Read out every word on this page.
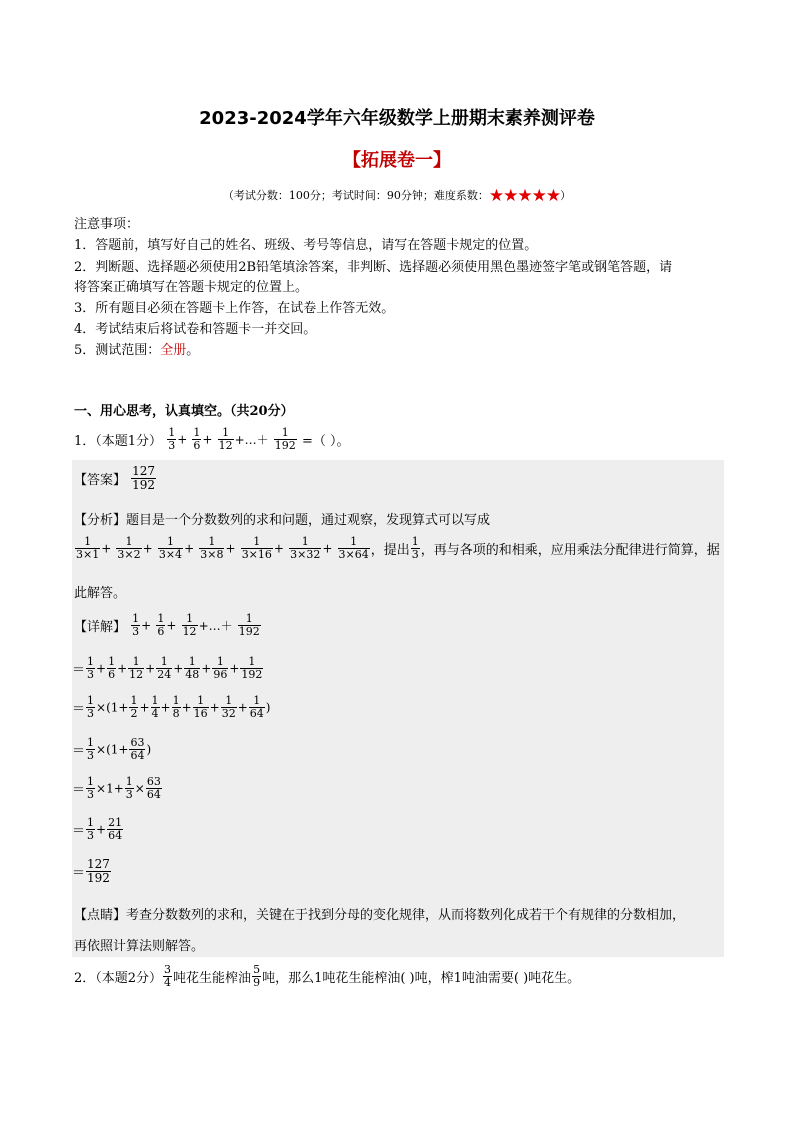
2023-2024学年六年级数学上册期末素养测评卷
【拓展卷一】
（考试分数：100分；考试时间：90分钟；难度系数：★★★★★）
注意事项：
1．答题前，填写好自己的姓名、班级、考号等信息，请写在答题卡规定的位置。
2．判断题、选择题必须使用2B铅笔填涂答案，非判断、选择题必须使用黑色墨迹签字笔或钢笔答题，请
将答案正确填写在答题卡规定的位置上。
3．所有题目必须在答题卡上作答，在试卷上作答无效。
4．考试结束后将试卷和答题卡一并交回。
5．测试范围：全册。
一、用心思考，认真填空。（共20分）
1．（本题1分） $\frac{1}{3} + \frac{1}{6} + \frac{1}{12}$ +…＋ $\frac{1}{192}$ =（ ）。
【答案】 $\frac{127}{192}$
【分析】题目是一个分数数列的求和问题，通过观察，发现算式可以写成
$\frac{1}{3\times 1} + \frac{1}{3\times 2} + \frac{1}{3\times 4} + \frac{1}{3\times 8} + \frac{1}{3\times 16} + \frac{1}{3\times 32} + \frac{1}{3\times 64}$ ，提出 $\frac{1}{3}$ ，再与各项的和相乘，应用乘法分配律进行简算，据
此解答。
【详解】 $\frac{1}{3} + \frac{1}{6} + \frac{1}{12}$ +…＋ $\frac{1}{192}$
＝ $\frac{1}{3} + \frac{1}{6} + \frac{1}{12} + \frac{1}{24} + \frac{1}{48} + \frac{1}{96} + \frac{1}{192}$
＝ $\frac{1}{3} \times(1+ \frac{1}{2} + \frac{1}{4} + \frac{1}{8} + \frac{1}{16} + \frac{1}{32} + \frac{1}{64}$ )
＝ $\frac{1}{3} \times(1+ \frac{63}{64}$ )
＝ $\frac{1}{3} \times 1+ \frac{1}{3} \times \frac{63}{64}$
＝ $\frac{1}{3} + \frac{21}{64}$
＝ $\frac{127}{192}$
【点睛】考查分数数列的求和，关键在于找到分母的变化规律，从而将数列化成若干个有规律的分数相加，
再依照计算法则解答。
2．（本题2分） $\frac{3}{4}$ 吨花生能榨油 $\frac{5}{9}$ 吨，那么1吨花生能榨油( )吨，榨1吨油需要( )吨花生。
